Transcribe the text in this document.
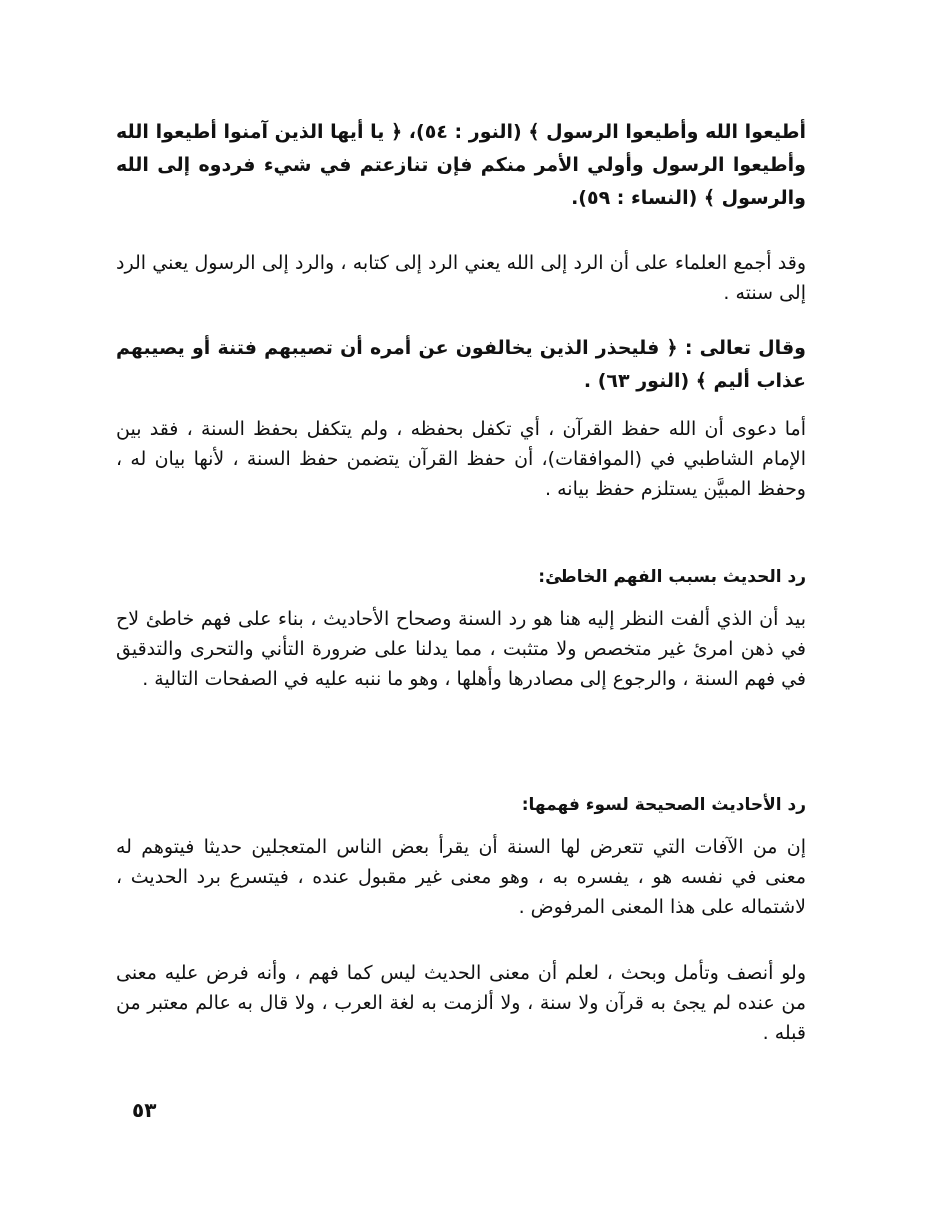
أطيعوا الله وأطيعوا الرسول ﴾ (النور : ٥٤)، ﴿ يا أيها الذين آمنوا أطيعوا الله وأطيعوا الرسول وأولي الأمر منكم فإن تنازعتم في شيء فردوه إلى الله والرسول ﴾ (النساء : ٥٩).

وقد أجمع العلماء على أن الرد إلى الله يعني الرد إلى كتابه ، والرد إلى الرسول يعني الرد إلى سنته .

وقال تعالى : ﴿ فليحذر الذين يخالفون عن أمره أن تصيبهم فتنة أو يصيبهم عذاب أليم ﴾ (النور ٦٣) .

أما دعوى أن الله حفظ القرآن ، أي تكفل بحفظه ، ولم يتكفل بحفظ السنة ، فقد بين الإمام الشاطبي في (الموافقات)، أن حفظ القرآن يتضمن حفظ السنة ، لأنها بيان له ، وحفظ المبيَّن يستلزم حفظ بيانه .

رد الحديث بسبب الفهم الخاطئ:

بيد أن الذي ألفت النظر إليه هنا هو رد السنة وصحاح الأحاديث ، بناء على فهم خاطئ لاح في ذهن امرئ غير متخصص ولا متثبت ، مما يدلنا على ضرورة التأني والتحرى والتدقيق في فهم السنة ، والرجوع إلى مصادرها وأهلها ، وهو ما ننبه عليه في الصفحات التالية .

رد الأحاديث الصحيحة لسوء فهمها:

إن من الآفات التي تتعرض لها السنة أن يقرأ بعض الناس المتعجلين حديثا فيتوهم له معنى في نفسه هو ، يفسره به ، وهو معنى غير مقبول عنده ، فيتسرع برد الحديث ، لاشتماله على هذا المعنى المرفوض .

ولو أنصف وتأمل وبحث ، لعلم أن معنى الحديث ليس كما فهم ، وأنه فرض عليه معنى من عنده لم يجئ به قرآن ولا سنة ، ولا ألزمت به لغة العرب ، ولا قال به عالم معتبر من قبله .

٥٣
